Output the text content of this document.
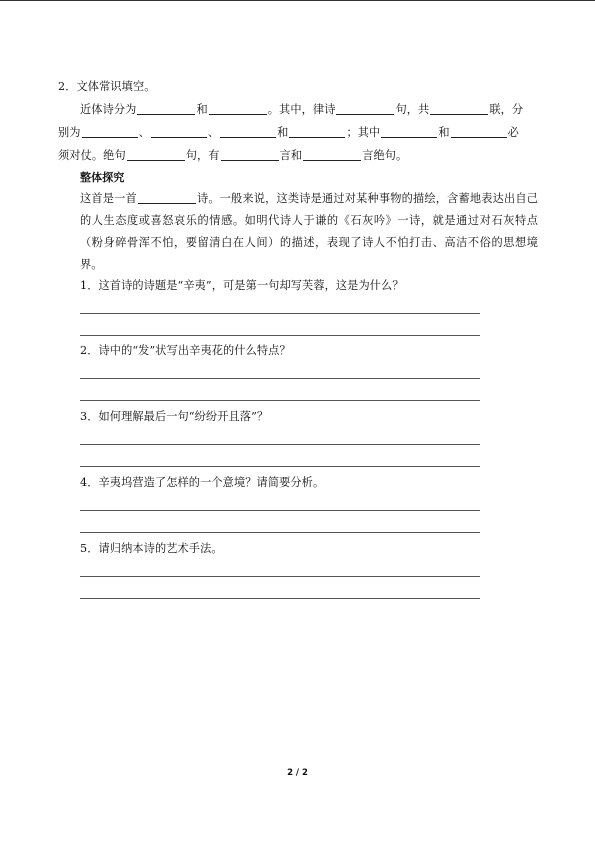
2．文体常识填空。
近体诗分为	和	。其中，律诗	句，共	联，分
别为	、	、	和	；其中	和	必
须对仗。绝句	句，有	言和	言绝句。
整体探究
这首是一首	诗。一般来说，这类诗是通过对某种事物的描绘，含蓄地表达出自己的人生态度或喜怒哀乐的情感。如明代诗人于谦的《石灰吟》一诗，就是通过对石灰特点（粉身碎骨浑不怕，要留清白在人间）的描述，表现了诗人不怕打击、高洁不俗的思想境界。
1．这首诗的诗题是“辛夷”，可是第一句却写芙蓉，这是为什么？
2．诗中的“发”状写出辛夷花的什么特点？
3．如何理解最后一句“纷纷开且落”？
4．辛夷坞营造了怎样的一个意境？请简要分析。
5．请归纳本诗的艺术手法。
2 / 2
